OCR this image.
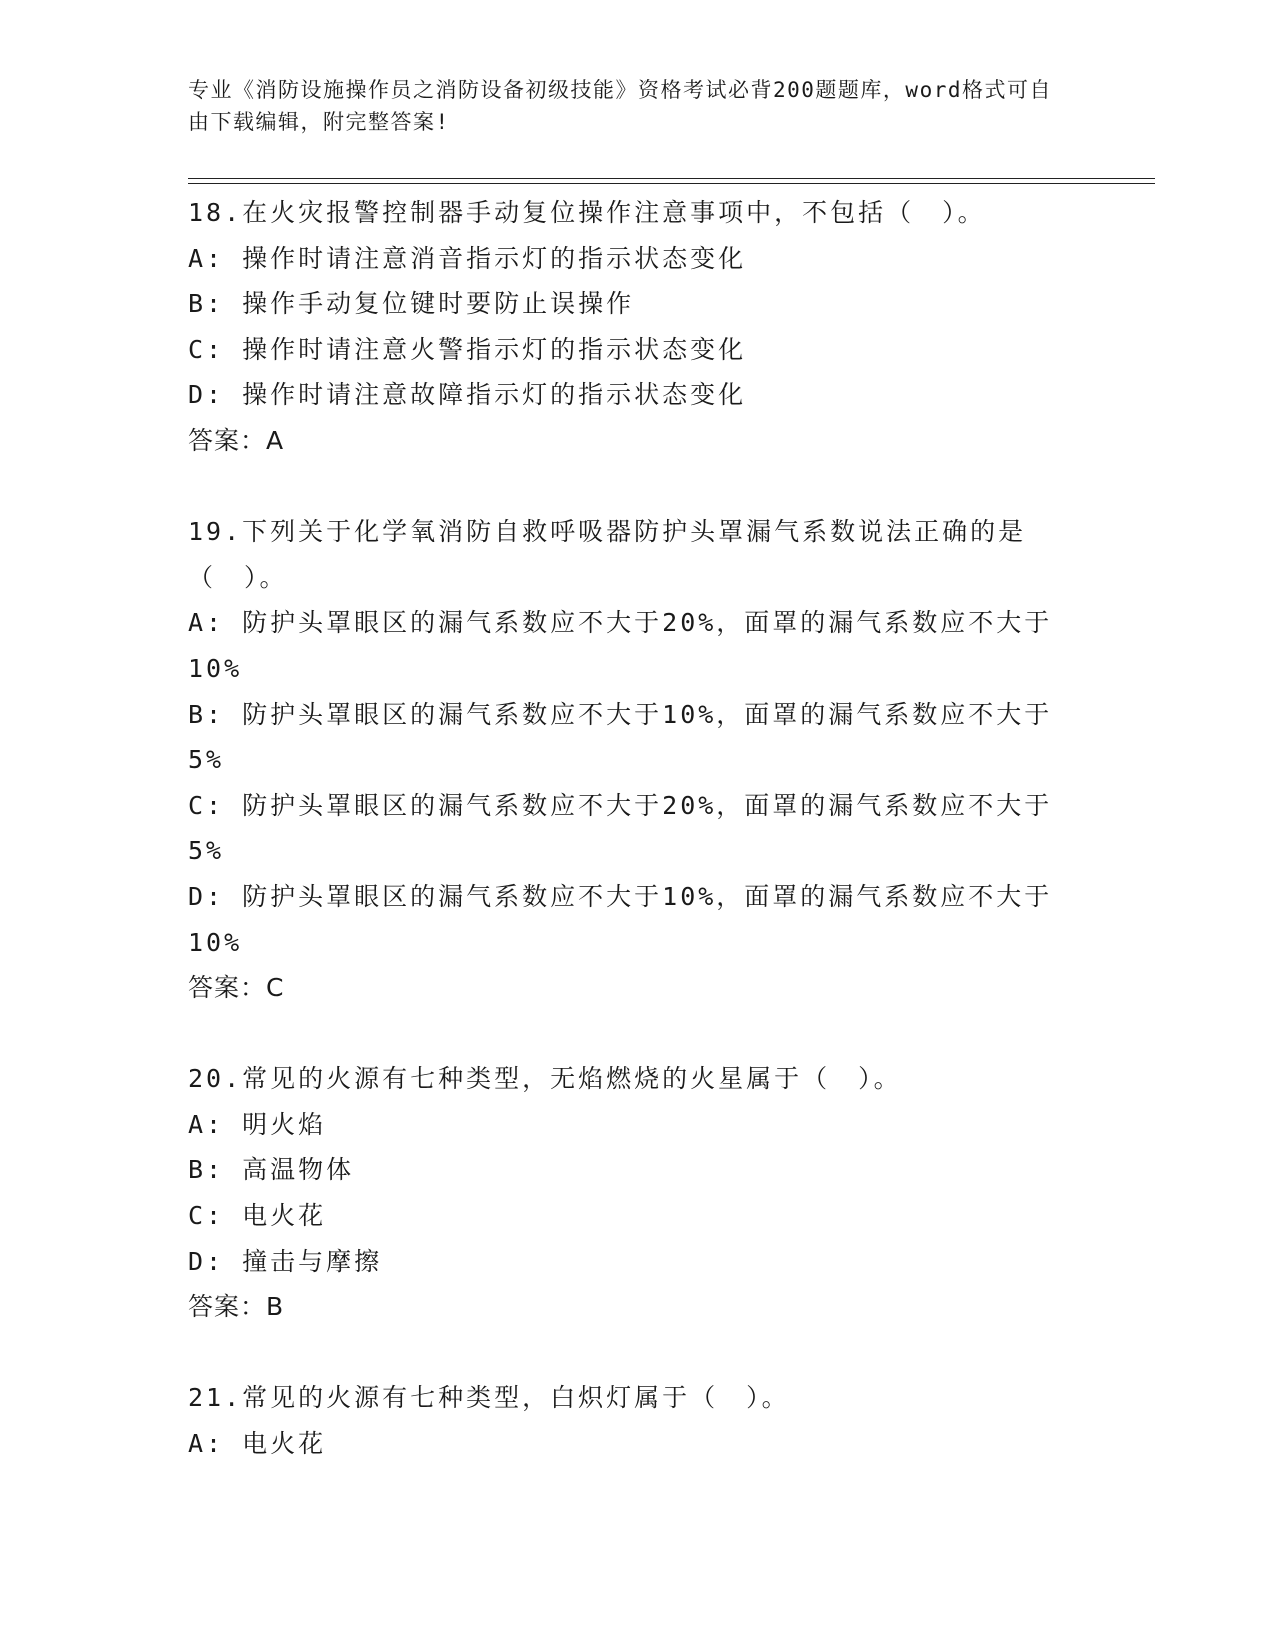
专业《消防设施操作员之消防设备初级技能》资格考试必背200题题库，word格式可自由下载编辑，附完整答案!
18.在火灾报警控制器手动复位操作注意事项中，不包括（　）。
A: 操作时请注意消音指示灯的指示状态变化
B: 操作手动复位键时要防止误操作
C: 操作时请注意火警指示灯的指示状态变化
D: 操作时请注意故障指示灯的指示状态变化
答案：A
19.下列关于化学氧消防自救呼吸器防护头罩漏气系数说法正确的是（　）。
A: 防护头罩眼区的漏气系数应不大于20%，面罩的漏气系数应不大于10%
B: 防护头罩眼区的漏气系数应不大于10%，面罩的漏气系数应不大于5%
C: 防护头罩眼区的漏气系数应不大于20%，面罩的漏气系数应不大于5%
D: 防护头罩眼区的漏气系数应不大于10%，面罩的漏气系数应不大于10%
答案：C
20.常见的火源有七种类型，无焰燃烧的火星属于（　）。
A: 明火焰
B: 高温物体
C: 电火花
D: 撞击与摩擦
答案：B
21.常见的火源有七种类型，白炽灯属于（　）。
A: 电火花
